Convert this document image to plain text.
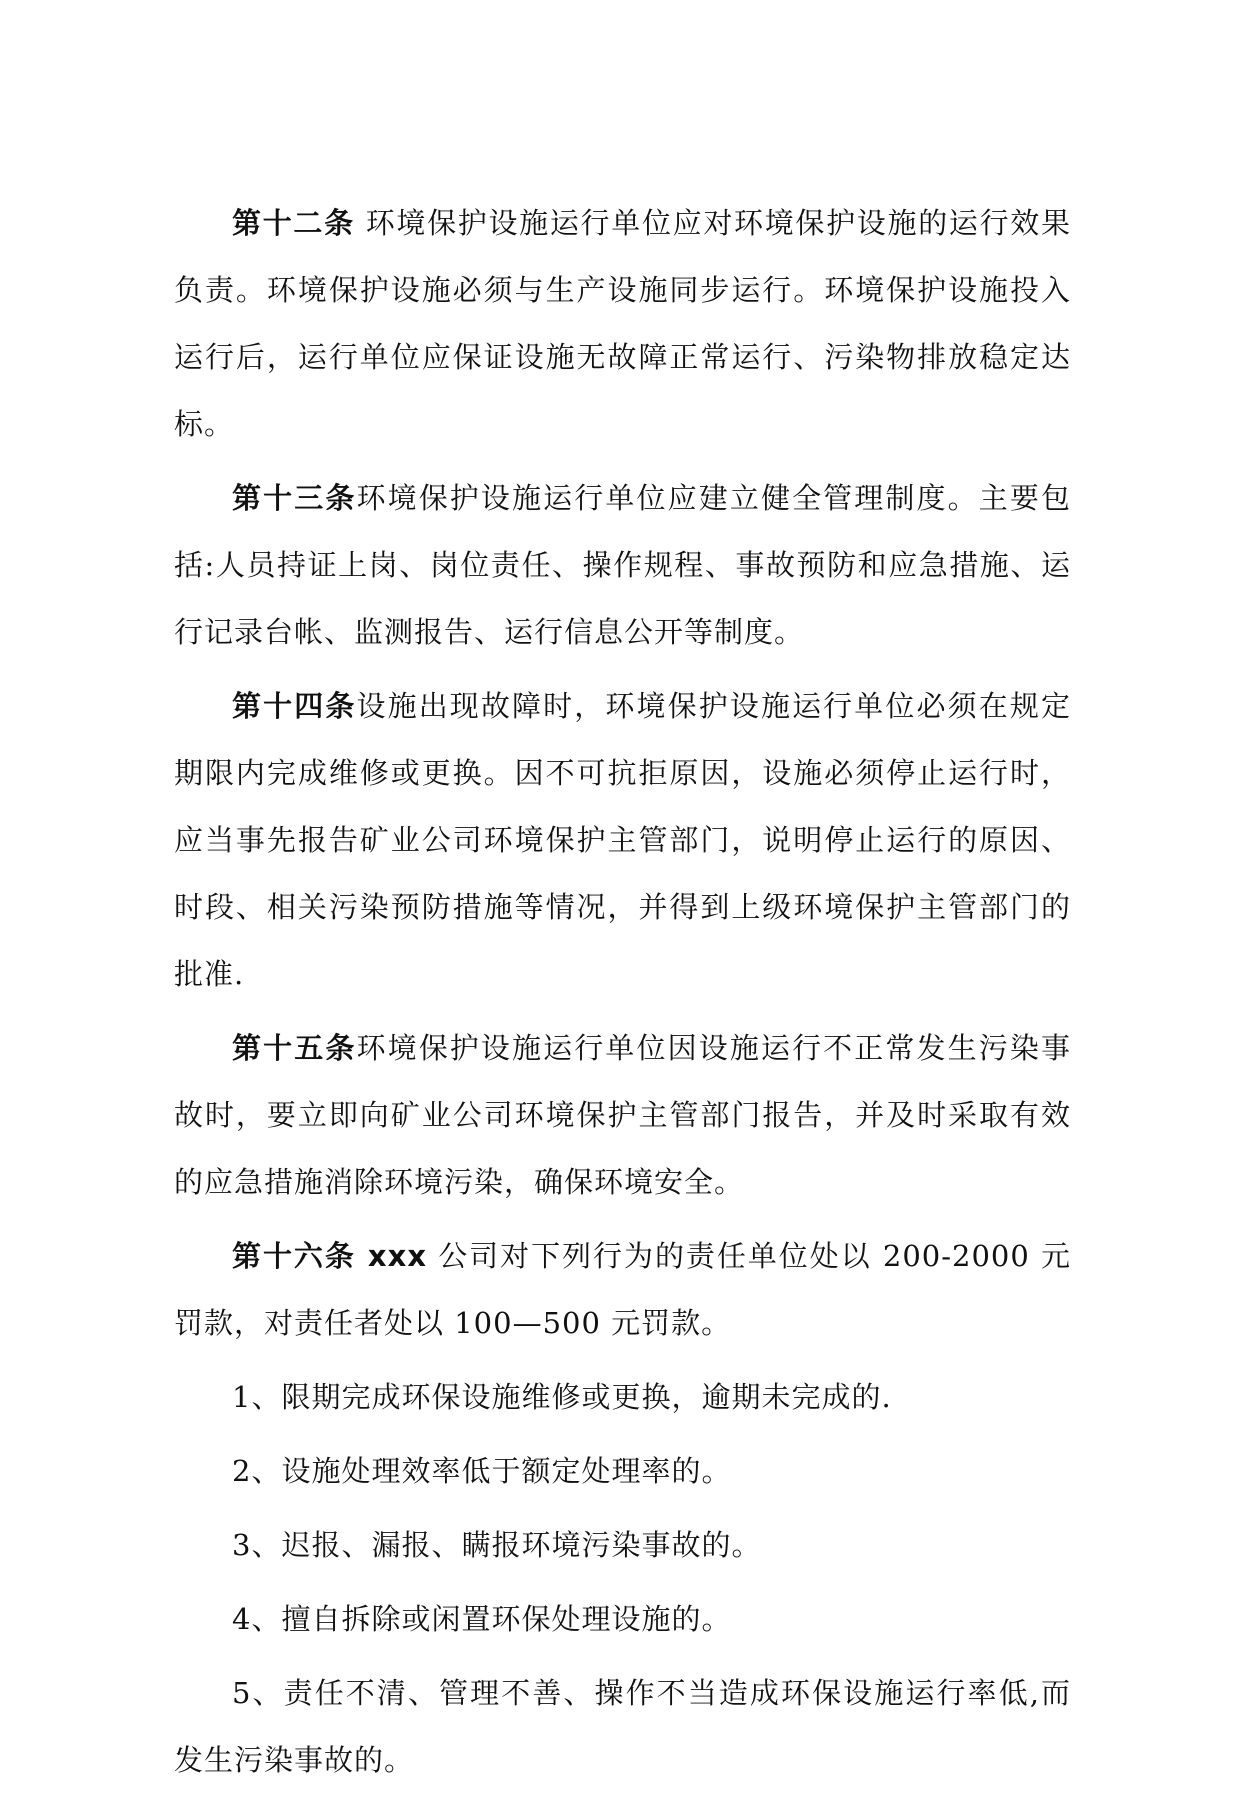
第十二条 环境保护设施运行单位应对环境保护设施的运行效果负责。环境保护设施必须与生产设施同步运行。环境保护设施投入运行后，运行单位应保证设施无故障正常运行、污染物排放稳定达标。

第十三条环境保护设施运行单位应建立健全管理制度。主要包括:人员持证上岗、岗位责任、操作规程、事故预防和应急措施、运行记录台帐、监测报告、运行信息公开等制度。

第十四条设施出现故障时，环境保护设施运行单位必须在规定期限内完成维修或更换。因不可抗拒原因，设施必须停止运行时，应当事先报告矿业公司环境保护主管部门，说明停止运行的原因、时段、相关污染预防措施等情况，并得到上级环境保护主管部门的批准.

第十五条环境保护设施运行单位因设施运行不正常发生污染事故时，要立即向矿业公司环境保护主管部门报告，并及时采取有效的应急措施消除环境污染，确保环境安全。

第十六条 xxx 公司对下列行为的责任单位处以 200-2000 元罚款，对责任者处以 100—500 元罚款。

1、限期完成环保设施维修或更换，逾期未完成的.

2、设施处理效率低于额定处理率的。

3、迟报、漏报、瞒报环境污染事故的。

4、擅自拆除或闲置环保处理设施的。

5、责任不清、管理不善、操作不当造成环保设施运行率低,而发生污染事故的。
